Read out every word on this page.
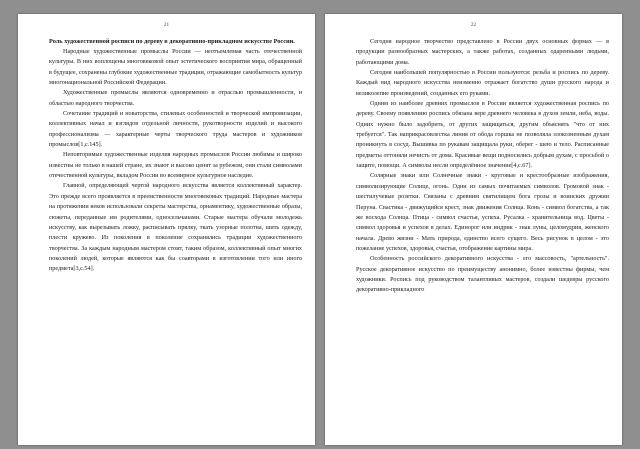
21

Роль художественной росписи по дереву в декоративно-прикладном искусстве России.

Народные художественные промыслы России — неотъемлемая часть отечественной культуры. В них воплощены многовековой опыт эстетического восприятия мира, обращенный в будущее, сохранены глубокие художественные традиции, отражающие самобытность культур многонациональной Российской Федерации.

Художественные промыслы являются одновременно и отраслью промышленности, и областью народного творчества.

Сочетание традиций и новаторства, стилевых особенностей и творческой импровизации, коллективных начал и взглядов отдельной личности, рукотворности изделий и высокого профессионализма — характерные черты творческого труда мастеров и художников промыслов[1,с.145].

Неповторимые художественные изделия народных промыслов России любимы и широко известны не только в нашей стране, их знают и высоко ценят за рубежом, они стали символами отечественной культуры, вкладом России во всемирное культурное наследие.

Главной, определяющей чертой народного искусства является коллективный характер. Это прежде всего проявляется в преемственности многовековых традиций. Народные мастера на протяжении веков использовали секреты мастерства, орнаментику, художественные образы, сюжеты, переданные им родителями, односельчанами. Старые мастера обучали молодежь искусству, как вырезывать ложку, расписывать прялку, ткать узорные полотна, шить одежду, плести кружево. Из поколения в поколение сохранялись традиции художественного творчества. За каждым народным мастером стоит, таким образом, коллективный опыт многих поколений людей, которые являются как бы соавторами в изготовлении того или иного предмета[3,с.54].

22

Сегодня народное творчество представлено в России двух основных формах — в продукции разнообразных мастерских, а также работах, созданных одаренными людьми, работающими дома.

Сегодня наибольшей популярностью в России пользуются: резьба и роспись по дереву. Каждый вид народного искусства неизменно отражает богатство души русского народа и великолепие произведений, созданных его руками.

Одним из наиболее древних промыслов в России является художественная роспись по дереву. Своему появлению роспись обязана вере древнего человека в духов земли, неба, воды. Одних нужно было задобрить, от других защищаться, другим объяснять "что от них требуется". Так наприкрасовлестка линия от обода горшка не позволяла злокозненным духам проникнуть в сосуд. Вышивка по рукавам защищала руки, оберег - шею и тело. Расписанные предметы оттоняли нечисть от дома. Красивые вещи подносились добрым духам, с просьбой о защите, помощи. А символы несли определённое значение[4,с.67].

Солярные знаки или Солнечные знаки - круговые и крестообразные изображения, символизирующие Солнце, огонь. Одни из самых почитаемых символов. Громовой знак - шестилучевые розетки. Связаны с древним святилищем бога грозы и воинских дружин Перуна. Свастика - движущийся крест, знак движения Солнца. Конь - символ богатства, а так же восхода Солнца. Птица - символ счастья, успеха. Русалка - хранительница вод. Цветы - символ здоровья и успехов в делах. Единорог или индрик - знак луны, целомудрия, женского начала. Древо жизни - Мать природа, единство всего сущего. Весь рисунок в целом - это пожелание успехов, здоровья, счастья, отображение картины мира.

Особенность российского декоративного искусства - его массовость, "артельность". Русское декоративное искусство по преимуществу анонимно, более известны фирмы, чем художники. Роспись под руководством талантливых мастеров, создали шедевры русского декоративно-прикладного
